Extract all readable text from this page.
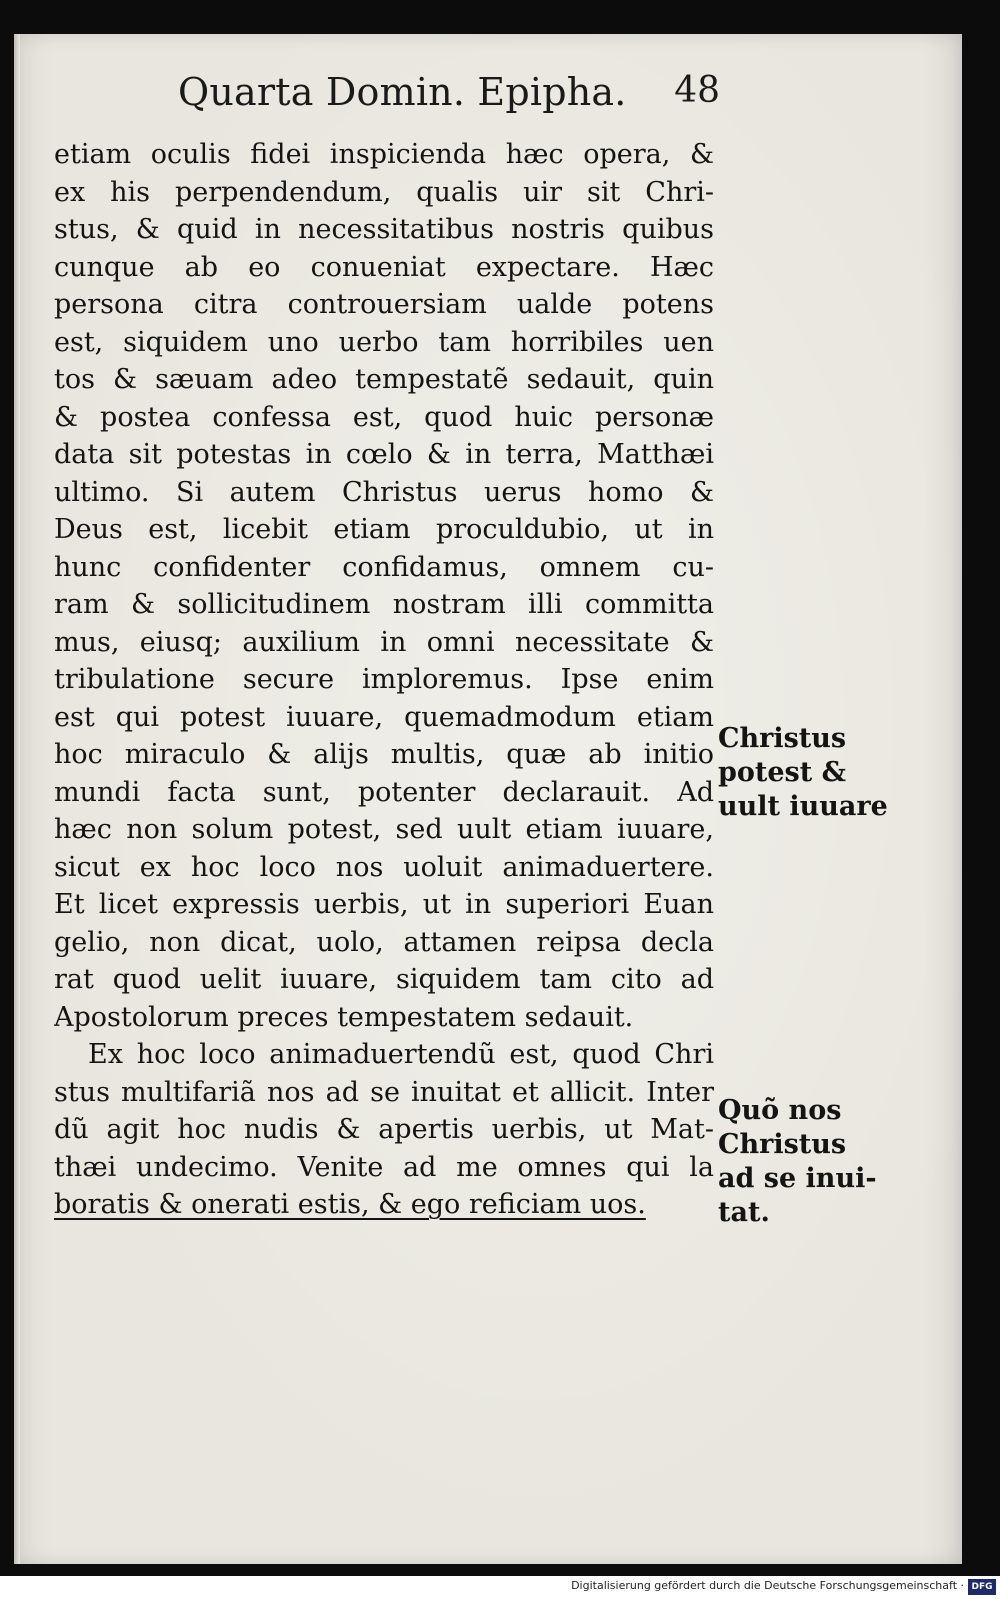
Quarta Domin. Epipha. 48
etiam oculis fidei inspicienda hæc opera, &
ex his perpendendum, qualis uir sit Chri-
stus, & quid in necessitatibus nostris quibus
cunque ab eo conueniat expectare. Hæc
persona citra controuersiam ualde potens
est, siquidem uno uerbo tam horribiles uen
tos & sæuam adeo tempestatẽ sedauit, quin
& postea confessa est, quod huic personæ
data sit potestas in cœlo & in terra, Matthæi
ultimo. Si autem Christus uerus homo &
Deus est, licebit etiam proculdubio, ut in
hunc confidenter confidamus, omnem cu-
ram & sollicitudinem nostram illi committa
mus, eiusq; auxilium in omni necessitate &
tribulatione secure imploremus. Ipse enim
est qui potest iuuare, quemadmodum etiam
hoc miraculo & alijs multis, quæ ab initio
mundi facta sunt, potenter declarauit. Ad
hæc non solum potest, sed uult etiam iuuare,
sicut ex hoc loco nos uoluit animaduertere.
Et licet expressis uerbis, ut in superiori Euan
gelio, non dicat, uolo, attamen reipsa decla
rat quod uelit iuuare, siquidem tam cito ad
Apostolorum preces tempestatem sedauit.
Ex hoc loco animaduertendũ est, quod Chri
stus multifariã nos ad se inuitat et allicit. Inter
dũ agit hoc nudis & apertis uerbis, ut Mat-
thæi undecimo. Venite ad me omnes qui la
boratis & onerati estis, & ego reficiam uos.
Christus
potest &
uult iuuare
Quõ nos
Christus
ad se inui-
tat.
Digitalisierung gefördert durch die Deutsche Forschungsgemeinschaft · DFG
